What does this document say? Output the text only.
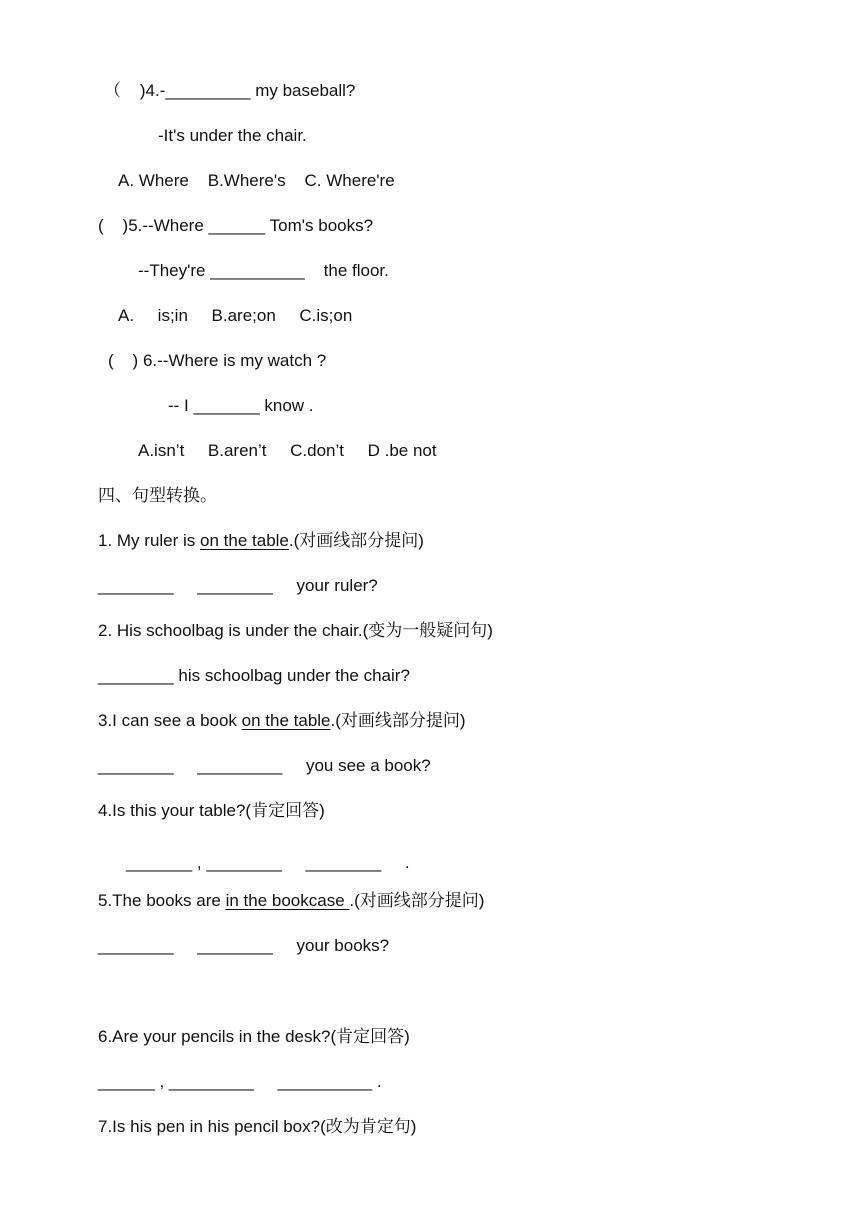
（    )4.-_________ my baseball?
-It's under the chair.
A. Where    B.Where's    C. Where're
(    )5.--Where ______ Tom's books?
--They're __________    the floor.
A.     is;in     B.are;on     C.is;on
(    ) 6.--Where is my watch ?
-- I _______ know .
A.isn’t     B.aren’t     C.don’t     D .be not
四、句型转换。
1. My ruler is on the table.(对画线部分提问)
________     ________     your ruler?
2. His schoolbag is under the chair.(变为一般疑问句)
________ his schoolbag under the chair?
3.I can see a book on the table.(对画线部分提问)
________     _________     you see a book?
4.Is this your table?(肯定回答)
_______ , ________     ________     .
5.The books are in the bookcase .(对画线部分提问)
________     ________     your books?
6.Are your pencils in the desk?(肯定回答)
______ , _________     __________ .
7.Is his pen in his pencil box?(改为肯定句)
